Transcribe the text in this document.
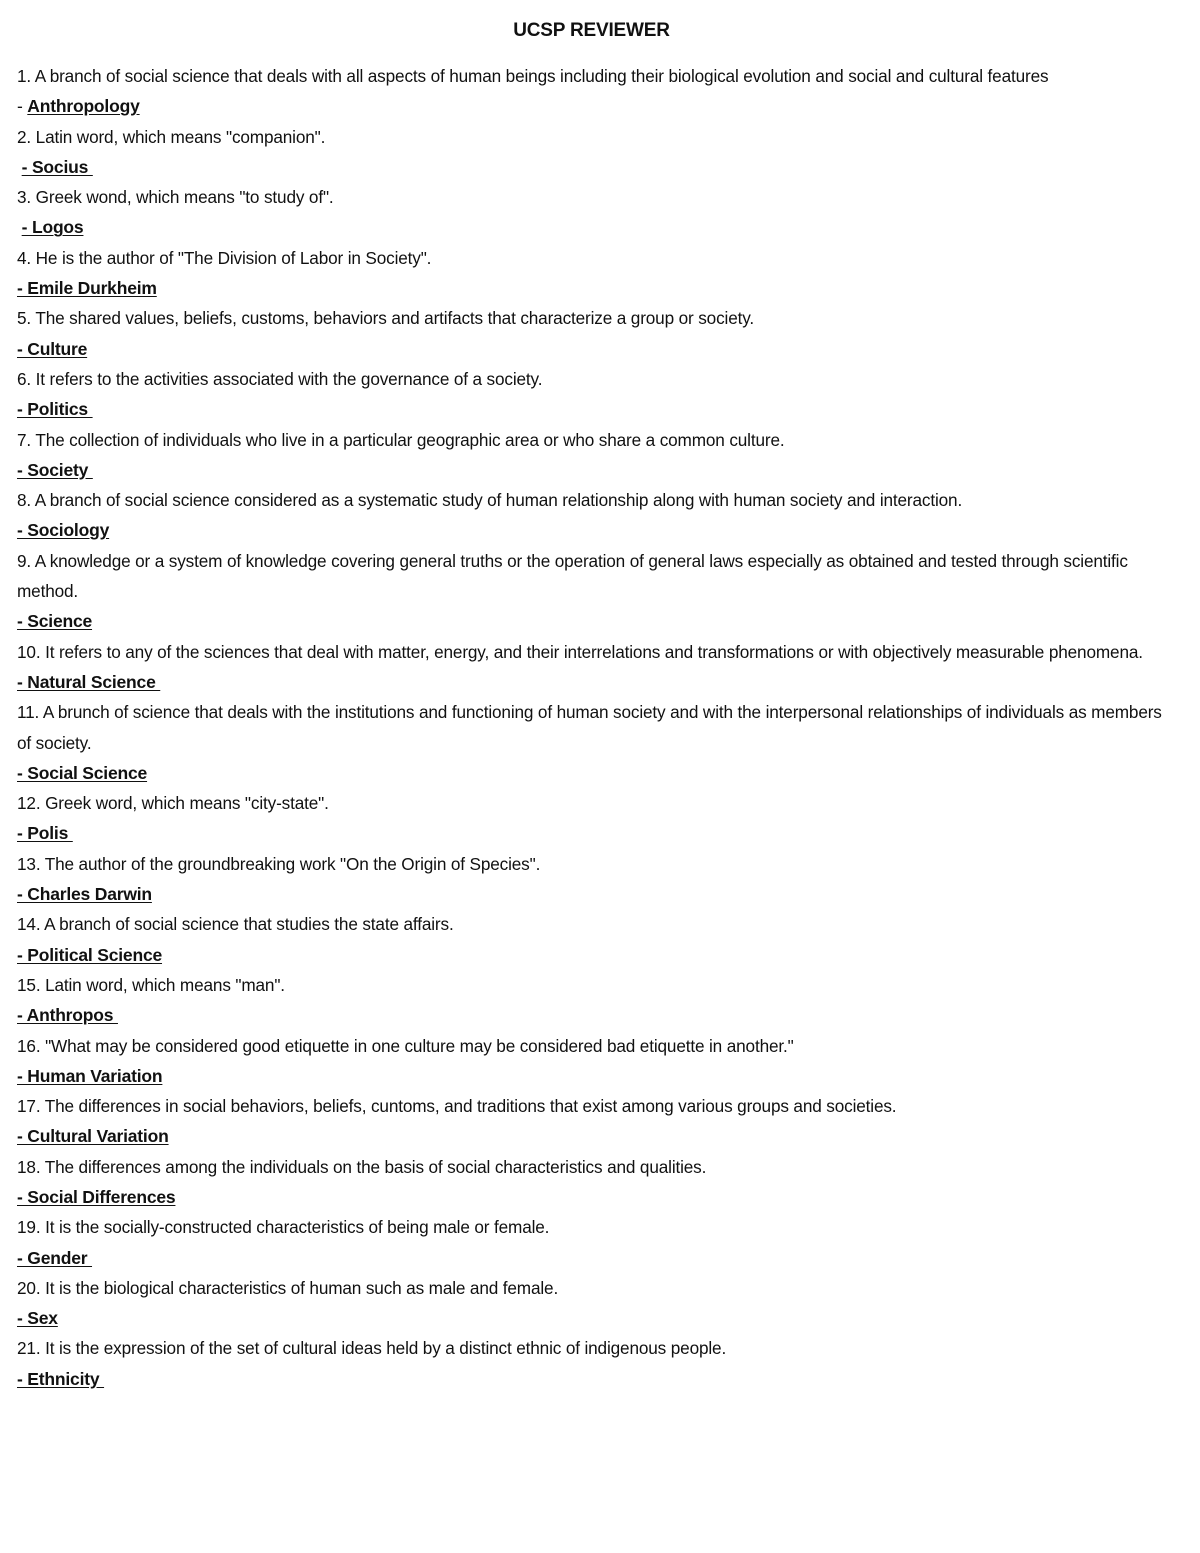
UCSP REVIEWER

1. A branch of social science that deals with all aspects of human beings including their biological evolution and social and cultural features

- Anthropology

2. Latin word, which means "companion".

- Socius

3. Greek wond, which means "to study of".

- Logos

4. He is the author of "The Division of Labor in Society".

- Emile Durkheim

5. The shared values, beliefs, customs, behaviors and artifacts that characterize a group or society.

- Culture

6. It refers to the activities associated with the governance of a society.

- Politics

7. The collection of individuals who live in a particular geographic area or who share a common culture.

- Society

8. A branch of social science considered as a systematic study of human relationship along with human society and interaction.

- Sociology

9. A knowledge or a system of knowledge covering general truths or the operation of general laws especially as obtained and tested through scientific method.

- Science

10. It refers to any of the sciences that deal with matter, energy, and their interrelations and transformations or with objectively measurable phenomena.

- Natural Science

11. A brunch of science that deals with the institutions and functioning of human society and with the interpersonal relationships of individuals as members of society.

- Social Science

12. Greek word, which means "city-state".

- Polis

13. The author of the groundbreaking work "On the Origin of Species".

- Charles Darwin

14. A branch of social science that studies the state affairs.

- Political Science

15. Latin word, which means "man".

- Anthropos

16. "What may be considered good etiquette in one culture may be considered bad etiquette in another."

- Human Variation

17. The differences in social behaviors, beliefs, cuntoms, and traditions that exist among various groups and societies.

- Cultural Variation

18. The differences among the individuals on the basis of social characteristics and qualities.

- Social Differences

19. It is the socially-constructed characteristics of being male or female.

- Gender

20. It is the biological characteristics of human such as male and female.

- Sex

21. It is the expression of the set of cultural ideas held by a distinct ethnic of indigenous people.

- Ethnicity
